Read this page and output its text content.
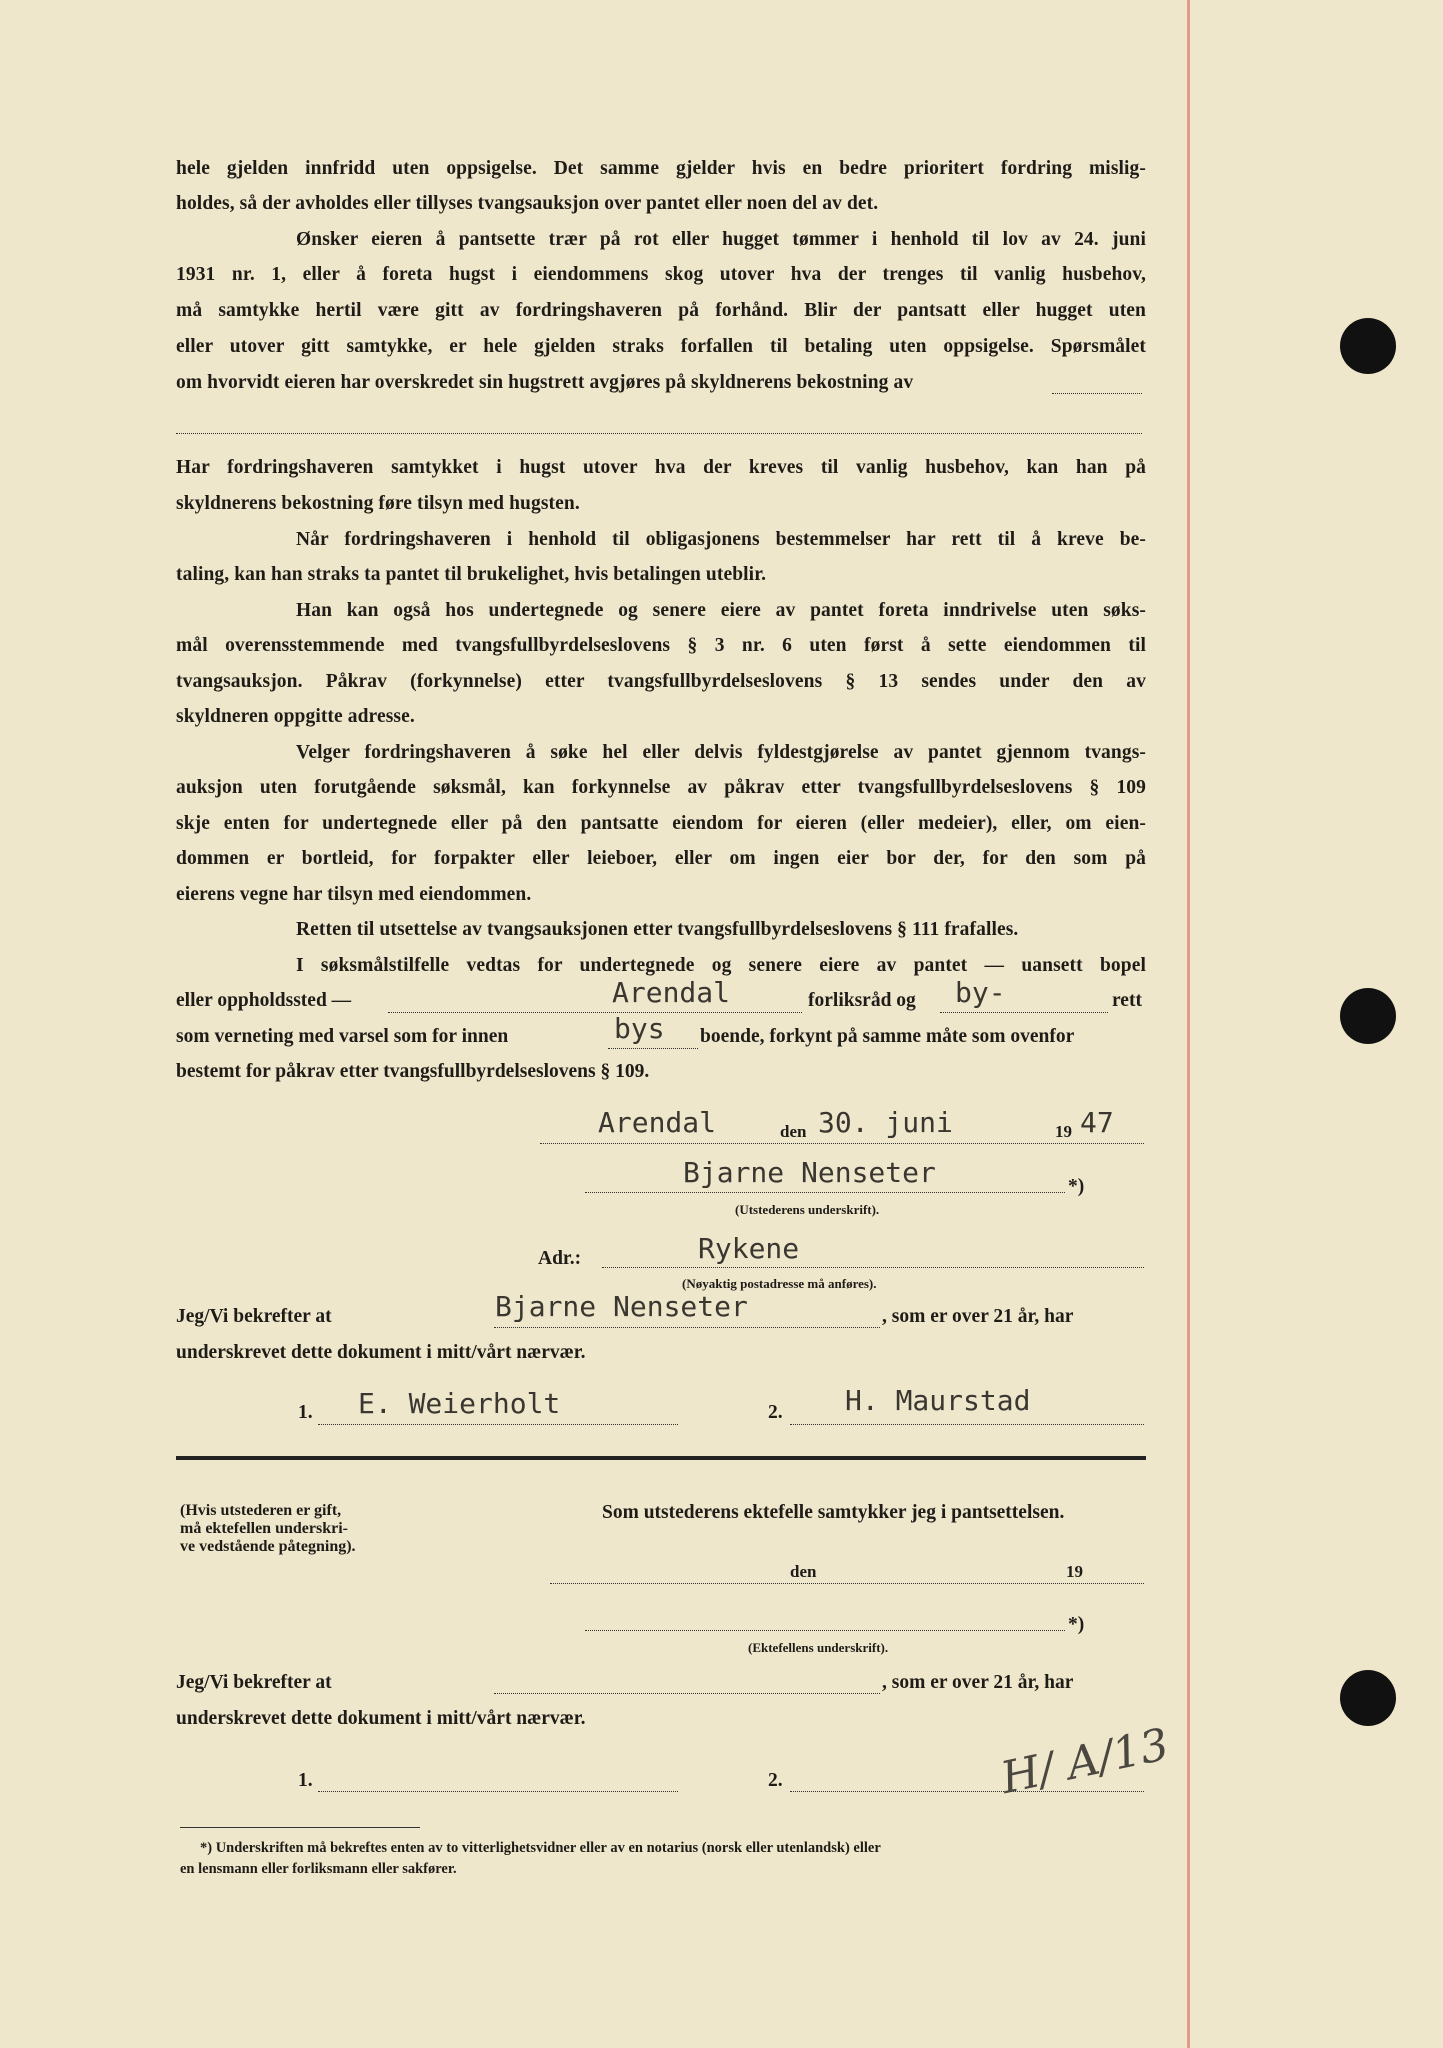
hele gjelden innfridd uten oppsigelse. Det samme gjelder hvis en bedre prioritert fordring mislig-
holdes, så der avholdes eller tillyses tvangsauksjon over pantet eller noen del av det.
Ønsker eieren å pantsette trær på rot eller hugget tømmer i henhold til lov av 24. juni
1931 nr. 1, eller å foreta hugst i eiendommens skog utover hva der trenges til vanlig husbehov,
må samtykke hertil være gitt av fordringshaveren på forhånd. Blir der pantsatt eller hugget uten
eller utover gitt samtykke, er hele gjelden straks forfallen til betaling uten oppsigelse. Spørsmålet
om hvorvidt eieren har overskredet sin hugstrett avgjøres på skyldnerens bekostning av
Har fordringshaveren samtykket i hugst utover hva der kreves til vanlig husbehov, kan han på
skyldnerens bekostning føre tilsyn med hugsten.
Når fordringshaveren i henhold til obligasjonens bestemmelser har rett til å kreve be-
taling, kan han straks ta pantet til brukelighet, hvis betalingen uteblir.
Han kan også hos undertegnede og senere eiere av pantet foreta inndrivelse uten søks-
mål overensstemmende med tvangsfullbyrdelseslovens § 3 nr. 6 uten først å sette eiendommen til
tvangsauksjon. Påkrav (forkynnelse) etter tvangsfullbyrdelseslovens § 13 sendes under den av
skyldneren oppgitte adresse.
Velger fordringshaveren å søke hel eller delvis fyldestgjørelse av pantet gjennom tvangs-
auksjon uten forutgående søksmål, kan forkynnelse av påkrav etter tvangsfullbyrdelseslovens § 109
skje enten for undertegnede eller på den pantsatte eiendom for eieren (eller medeier), eller, om eien-
dommen er bortleid, for forpakter eller leieboer, eller om ingen eier bor der, for den som på
eierens vegne har tilsyn med eiendommen.
Retten til utsettelse av tvangsauksjonen etter tvangsfullbyrdelseslovens § 111 frafalles.
I søksmålstilfelle vedtas for undertegnede og senere eiere av pantet — uansett bopel
eller oppholdssted —	Arendal	forliksråd og by-	rett
som verneting med varsel som for innen	bys boende, forkynt på samme måte som ovenfor
bestemt for påkrav etter tvangsfullbyrdelseslovens § 109.
Arendal	den 30. juni	19 47
Bjarne Nenseter	*)
(Utstederens underskrift).
Adr.:	Rykene
(Nøyaktig postadresse må anføres).
Jeg/Vi bekrefter at	Bjarne Nenseter	, som er over 21 år, har
underskrevet dette dokument i mitt/vårt nærvær.
1. E. Weierholt	2. H. Maurstad
(Hvis utstederen er gift,
må ektefellen underskri-
ve vedstående påtegning).
Som utstederens ektefelle samtykker jeg i pantsettelsen.
den	19
*)
(Ektefellens underskrift).
Jeg/Vi bekrefter at	, som er over 21 år, har
underskrevet dette dokument i mitt/vårt nærvær.
1.	2.	H/ A/13
*) Underskriften må bekreftes enten av to vitterlighetsvidner eller av en notarius (norsk eller utenlandsk) eller
en lensmann eller forliksmann eller sakfører.
